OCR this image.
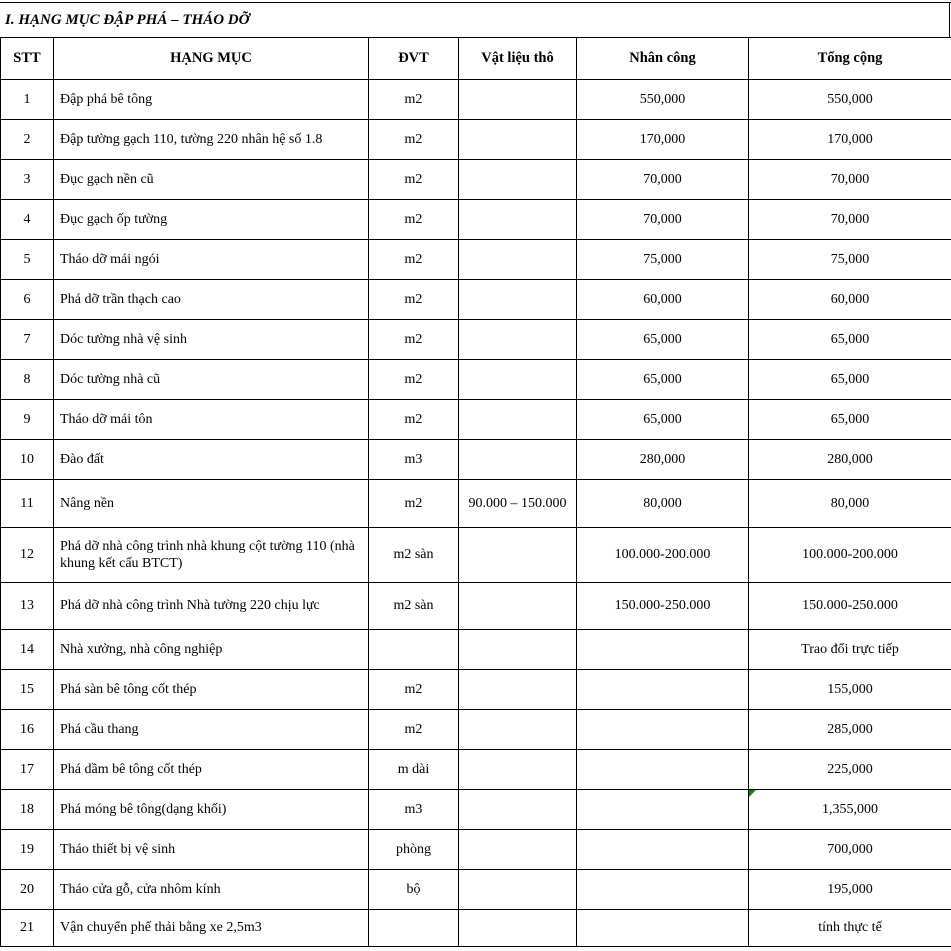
I. HẠNG MỤC ĐẬP PHÁ – THÁO DỠ
STT	HẠNG MỤC	ĐVT	Vật liệu thô	Nhân công	Tổng cộng
1	Đập phá bê tông	m2		550,000	550,000
2	Đập tường gạch 110, tường 220 nhân hệ số 1.8	m2		170,000	170,000
3	Đục gạch nền cũ	m2		70,000	70,000
4	Đục gạch ốp tường	m2		70,000	70,000
5	Tháo dỡ mái ngói	m2		75,000	75,000
6	Phá dỡ trần thạch cao	m2		60,000	60,000
7	Dóc tường nhà vệ sinh	m2		65,000	65,000
8	Dóc tường nhà cũ	m2		65,000	65,000
9	Tháo dỡ mái tôn	m2		65,000	65,000
10	Đào đất	m3		280,000	280,000
11	Nâng nền	m2	90.000 – 150.000	80,000	80,000
12	Phá dỡ nhà công trình nhà khung cột tường 110 (nhà khung kết cấu BTCT)	m2 sàn		100.000-200.000	100.000-200.000
13	Phá dỡ nhà công trình Nhà tường 220 chịu lực	m2 sàn		150.000-250.000	150.000-250.000
14	Nhà xưởng, nhà công nghiệp				Trao đổi trực tiếp
15	Phá sàn bê tông cốt thép	m2			155,000
16	Phá cầu thang	m2			285,000
17	Phá dầm bê tông cốt thép	m dài			225,000
18	Phá móng bê tông(dạng khối)	m3			1,355,000
19	Tháo thiết bị vệ sinh	phòng			700,000
20	Tháo cửa gỗ, cửa nhôm kính	bộ			195,000
21	Vận chuyển phế thải bằng xe 2,5m3				tính thực tế
